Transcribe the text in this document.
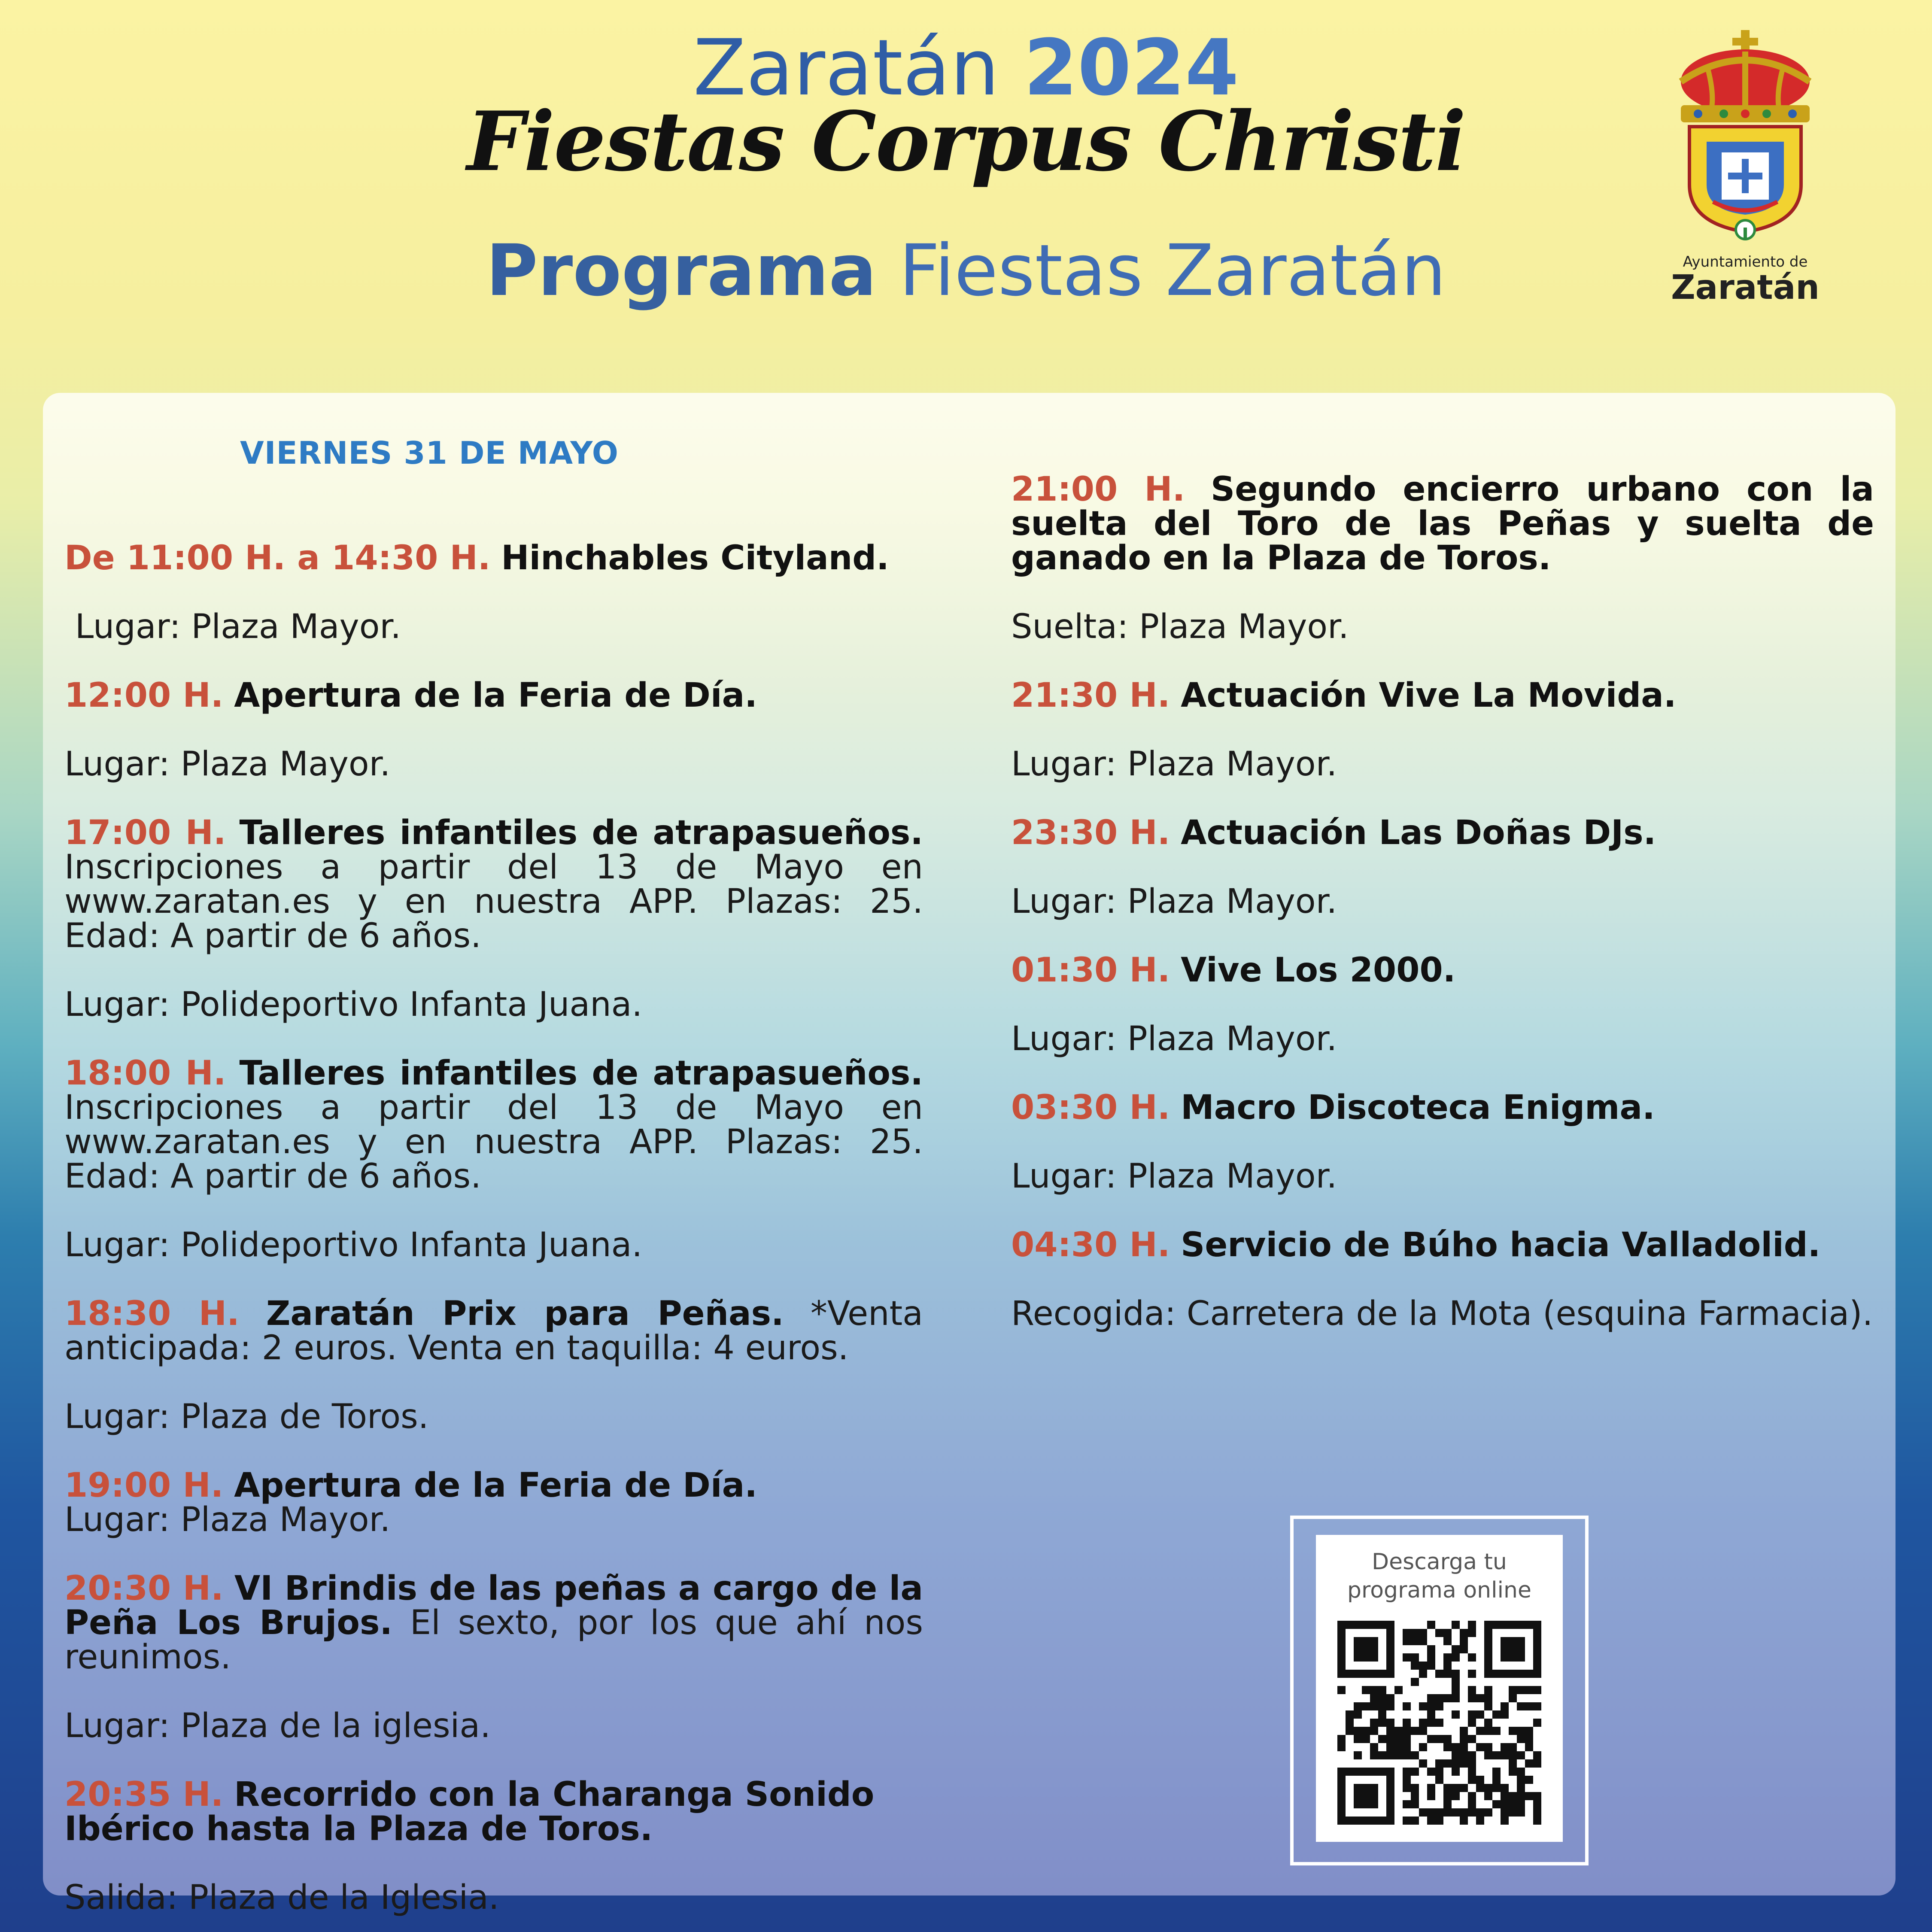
Zaratán 2024
Fiestas Corpus Christi
Programa Fiestas Zaratán	Ayuntamiento de
Zaratán
VIERNES 31 DE MAYO

De 11:00 H. a 14:30 H. Hinchables Cityland.

Lugar: Plaza Mayor.

12:00 H. Apertura de la Feria de Día.

Lugar: Plaza Mayor.

17:00 H. Talleres infantiles de atrapasueños. Inscripciones a partir del 13 de Mayo en www.zaratan.es y en nuestra APP. Plazas: 25. Edad: A partir de 6 años.

Lugar: Polideportivo Infanta Juana.

18:00 H. Talleres infantiles de atrapasueños. Inscripciones a partir del 13 de Mayo en www.zaratan.es y en nuestra APP. Plazas: 25. Edad: A partir de 6 años.

Lugar: Polideportivo Infanta Juana.

18:30 H. Zaratán Prix para Peñas. *Venta anticipada: 2 euros. Venta en taquilla: 4 euros.

Lugar: Plaza de Toros.

19:00 H. Apertura de la Feria de Día.

Lugar: Plaza Mayor.

20:30 H. VI Brindis de las peñas a cargo de la Peña Los Brujos. El sexto, por los que ahí nos reunimos.

Lugar: Plaza de la iglesia.

20:35 H. Recorrido con la Charanga Sonido Ibérico hasta la Plaza de Toros.

Salida: Plaza de la Iglesia.

21:00 H. Segundo encierro urbano con la suelta del Toro de las Peñas y suelta de ganado en la Plaza de Toros.

Suelta: Plaza Mayor.

21:30 H. Actuación Vive La Movida.

Lugar: Plaza Mayor.

23:30 H. Actuación Las Doñas DJs.

Lugar: Plaza Mayor.

01:30 H. Vive Los 2000.

Lugar: Plaza Mayor.

03:30 H. Macro Discoteca Enigma.

Lugar: Plaza Mayor.

04:30 H. Servicio de Búho hacia Valladolid.

Recogida: Carretera de la Mota (esquina Farmacia).

Descarga tu
programa online
